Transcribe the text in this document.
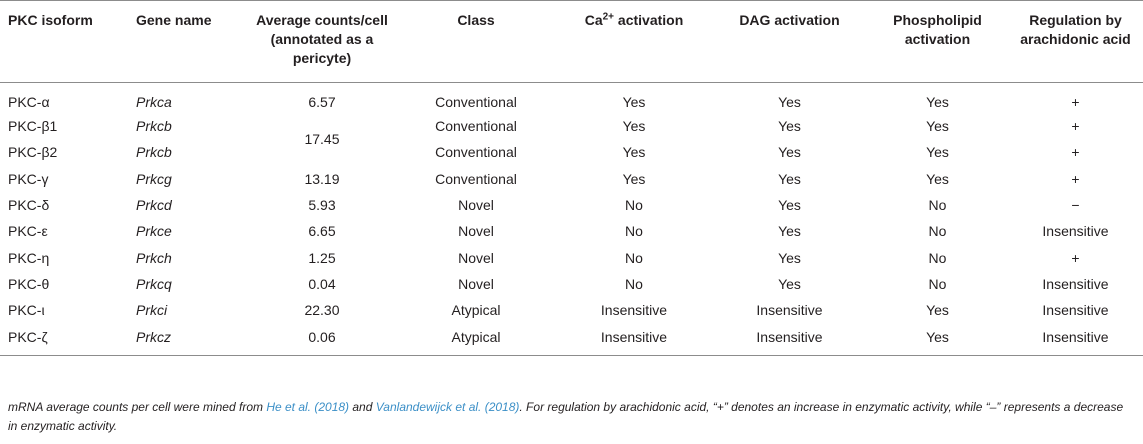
PKC isoform	Gene name	Average counts/cell (annotated as a pericyte)	Class	$Ca^{2+}$ activation	DAG activation	Phospholipid activation	Regulation by arachidonic acid
PKC-α	Prkca	6.57	Conventional	Yes	Yes	Yes	+
PKC-β1	Prkcb	17.45	Conventional	Yes	Yes	Yes	+
PKC-β2	Prkcb		Conventional	Yes	Yes	Yes	+
PKC-γ	Prkcg	13.19	Conventional	Yes	Yes	Yes	+
PKC-δ	Prkcd	5.93	Novel	No	Yes	No	−
PKC-ε	Prkce	6.65	Novel	No	Yes	No	Insensitive
PKC-η	Prkch	1.25	Novel	No	Yes	No	+
PKC-θ	Prkcq	0.04	Novel	No	Yes	No	Insensitive
PKC-ι	Prkci	22.30	Atypical	Insensitive	Insensitive	Yes	Insensitive
PKC-ζ	Prkcz	0.06	Atypical	Insensitive	Insensitive	Yes	Insensitive
mRNA average counts per cell were mined from He et al. (2018) and Vanlandewijck et al. (2018). For regulation by arachidonic acid, “+” denotes an increase in enzymatic activity, while “–” represents a decrease in enzymatic activity.
